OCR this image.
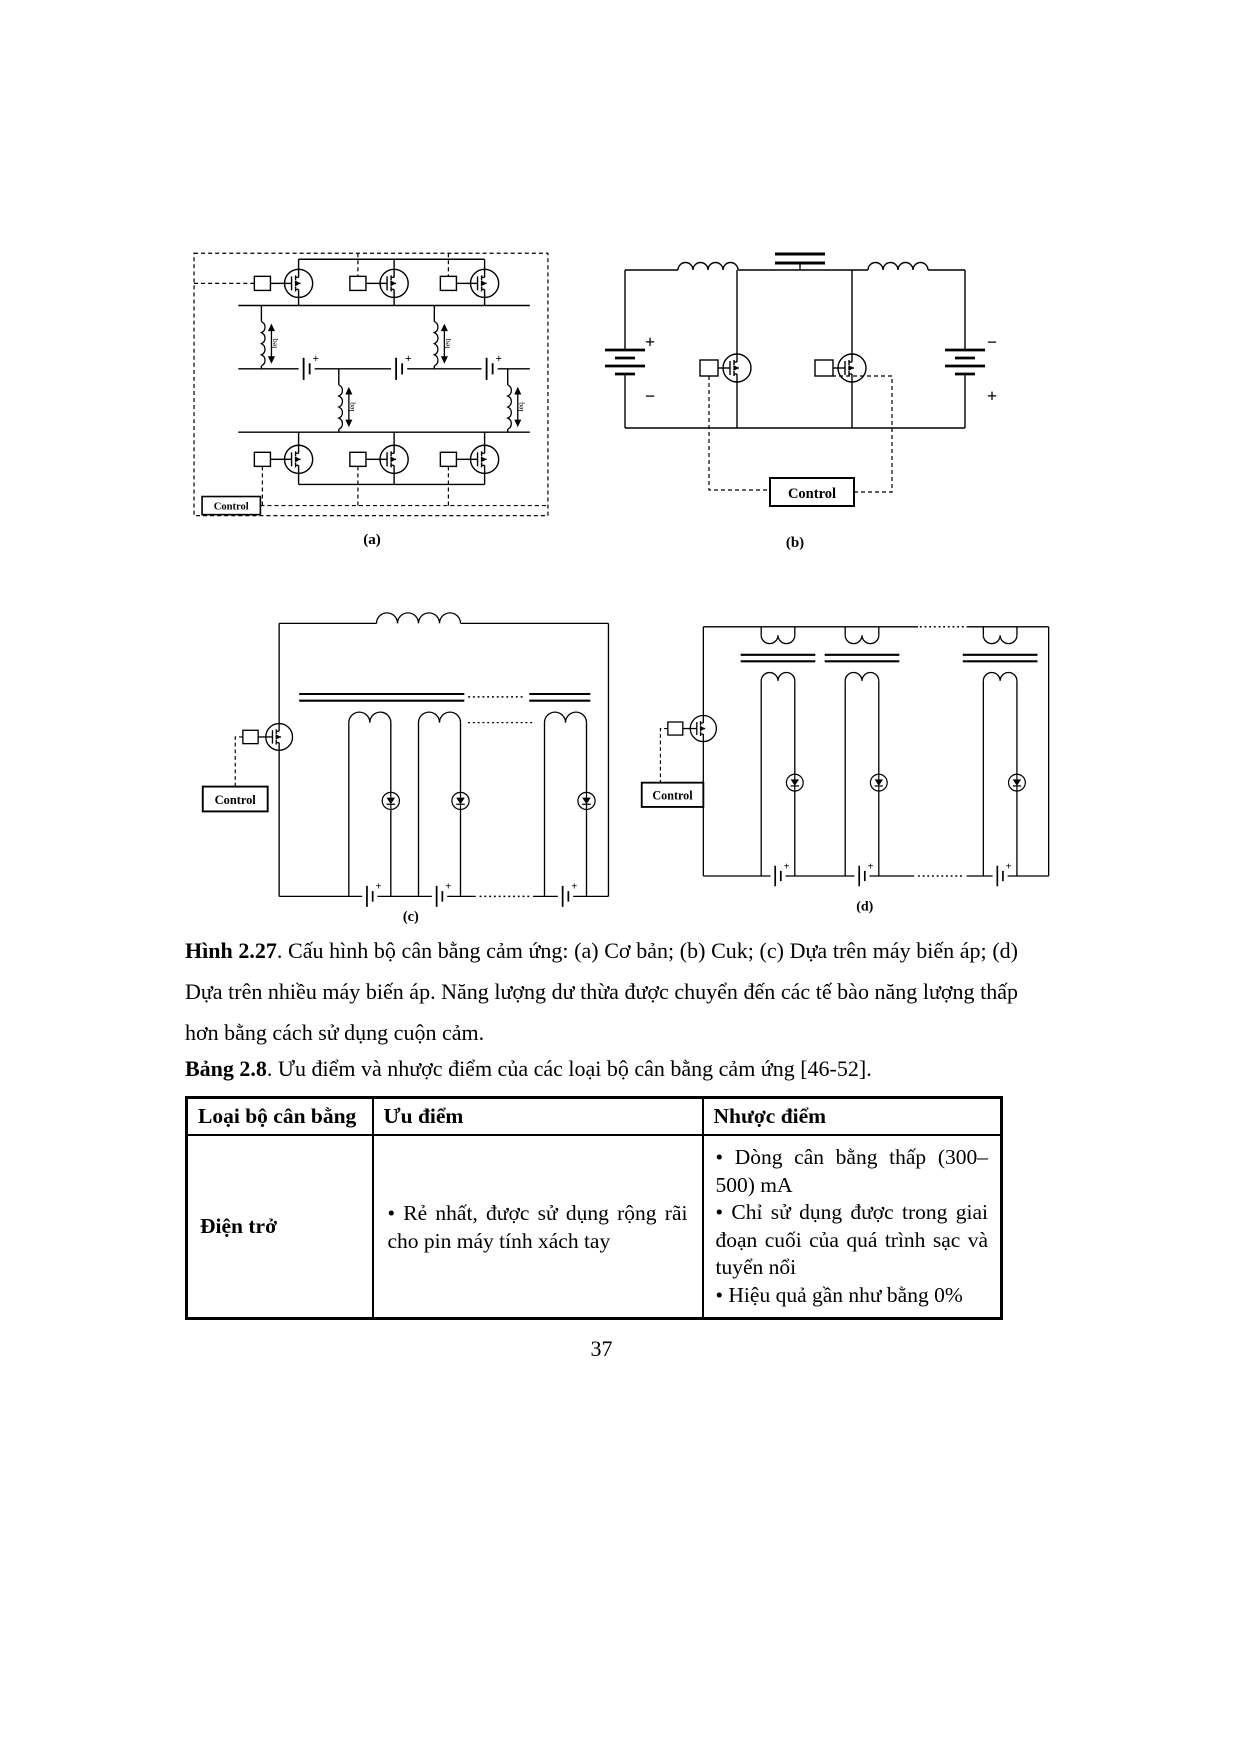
Control
(a)
+
−
−
+
Control
(b)
Control
(c)
Control
(d)

Hình 2.27. Cấu hình bộ cân bằng cảm ứng: (a) Cơ bản; (b) Cuk; (c) Dựa trên máy biến áp; (d) Dựa trên nhiều máy biến áp. Năng lượng dư thừa được chuyển đến các tế bào năng lượng thấp hơn bằng cách sử dụng cuộn cảm.

Bảng 2.8. Ưu điểm và nhược điểm của các loại bộ cân bằng cảm ứng [46-52].

Loại bộ cân bằng	Ưu điểm	Nhược điểm
Điện trở	• Rẻ nhất, được sử dụng rộng rãi cho pin máy tính xách tay	• Dòng cân bằng thấp (300–500) mA
• Chỉ sử dụng được trong giai đoạn cuối của quá trình sạc và tuyển nổi
• Hiệu quả gần như bằng 0%
37
